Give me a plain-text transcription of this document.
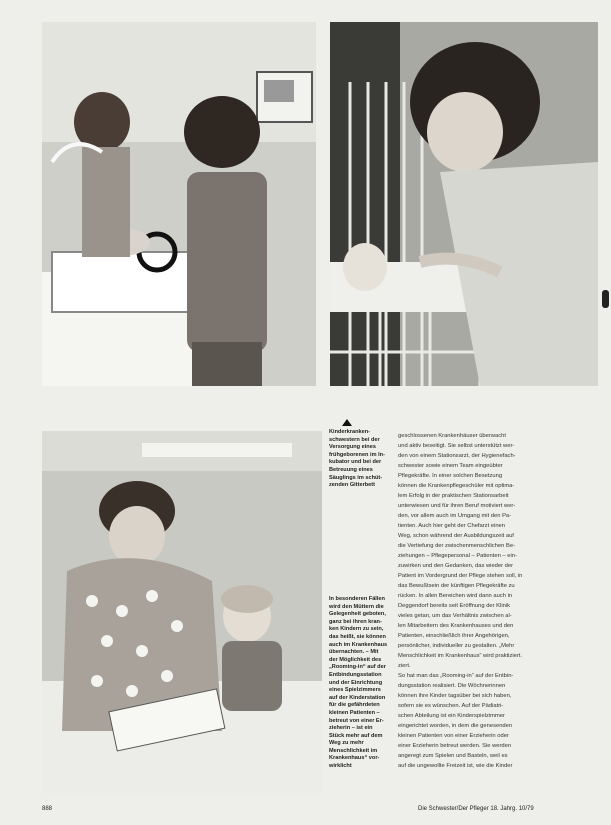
Kinderkranken-
schwestern bei der
Versorgung eines
frühgeborenen im In-
kubator und bei der
Betreuung eines
Säuglings im schüt-
zenden Gitterbett
In besonderen Fällen
wird den Müttern die
Gelegenheit geboten,
ganz bei ihren kran-
ken Kindern zu sein,
das heißt, sie können
auch im Krankenhaus
übernachten. – Mit
der Möglichkeit des
„Rooming-in“ auf der
Entbindungsstation
und der Einrichtung
eines Spielzimmers
auf der Kinderstation
für die gefährdeten
kleinen Patienten –
betreut von einer Er-
zieherin – ist ein
Stück mehr auf dem
Weg zu mehr
Menschlichkeit im
Krankenhaus“ vor-
wirklicht
geschlossenen Krankenhäuser überwacht
und aktiv beseitigt. Sie selbst unterstützt wer-
den von einem Stationsarzt, der Hygienefach-
schwester sowie einem Team eingeübter
Pflegekräfte. In einer solchen Besetzung
können die Krankenpflegeschüler mit optima-
lem Erfolg in der praktischen Stationsarbeit
unterwiesen und für ihren Beruf motiviert wer-
den, vor allem auch im Umgang mit den Pa-
tienten. Auch hier geht der Chefarzt einen
Weg, schon während der Ausbildungszeit auf
die Vertiefung der zwischenmenschlichen Be-
ziehungen – Pflegepersonal – Patienten – ein-
zuwirken und den Gedanken, das wieder der
Patient im Vordergrund der Pflege stehen soll, in
das Bewußtsein der künftigen Pflegekräfte zu
rücken. In allen Bereichen wird dann auch in
Deggendorf bereits seit Eröffnung der Klinik
vieles getan, um das Verhältnis zwischen al-
len Mitarbeitern des Krankenhauses und den
Patienten, einschließlich ihrer Angehörigen,
persönlicher, individueller zu gestalten. „Mehr
Menschlichkeit im Krankenhaus“ wird praktiziert.
ziert.
So hat man das „Rooming-in“ auf der Entbin-
dungsstation realisiert. Die Wöchnerinnen
können ihre Kinder tagsüber bei sich haben,
sofern sie es wünschen. Auf der Pädiatri-
schen Abteilung ist ein Kinderspielzimmer
eingerichtet worden, in dem die genesenden
kleinen Patienten von einer Erzieherin oder
einer Erzieherin betreut werden. Sie werden
angeregt zum Spielen und Basteln, weil es
auf die ungewollte Freizeit ist, wie die Kinder
888	Die Schwester/Der Pfleger 18. Jahrg. 10/79
